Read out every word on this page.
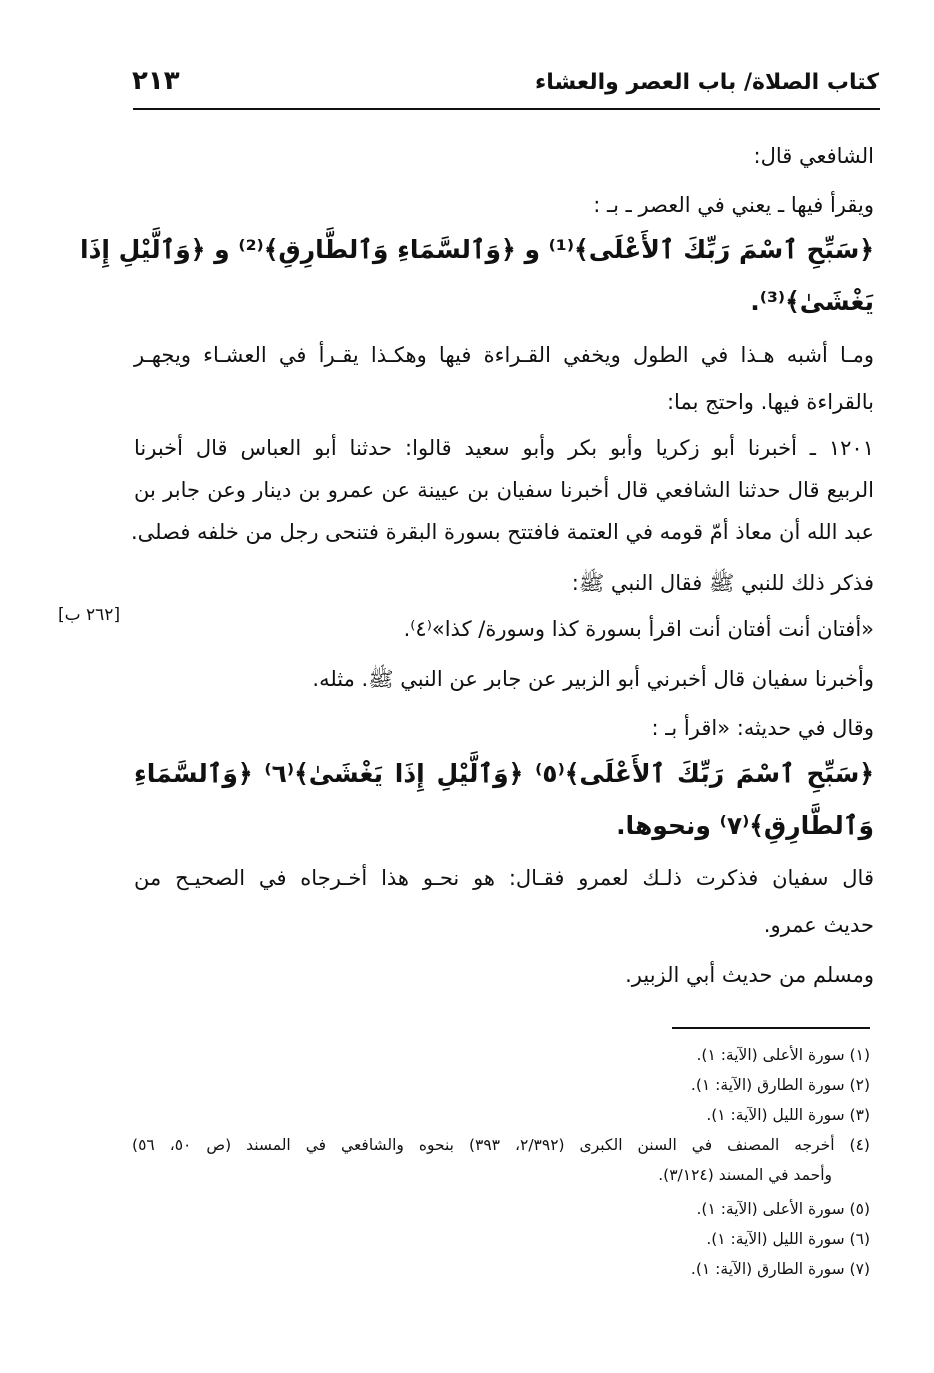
كتاب الصلاة/ باب العصر والعشاء
٢١٣
الشافعي قال:
ويقرأ فيها ـ يعني في العصر ـ بـ :
﴿سَبِّحِ ٱسْمَ رَبِّكَ ٱلأَعْلَى﴾⁽¹⁾ و ﴿وَٱلسَّمَاءِ وَٱلطَّارِقِ﴾⁽²⁾ و ﴿وَٱلَّيْلِ إِذَا
يَغْشَىٰ﴾⁽³⁾.
ومـا أشبه هـذا في الطول ويخفي القـراءة فيها وهكـذا يقـرأ في العشـاء ويجهـر
بالقراءة فيها. واحتج بما:
١٢٠١ ـ أخبرنا أبو زكريا وأبو بكر وأبو سعيد قالوا: حدثنا أبو العباس قال أخبرنا
الربيع قال حدثنا الشافعي قال أخبرنا سفيان بن عيينة عن عمرو بن دينار وعن جابر بن
عبد الله أن معاذ أمّ قومه في العتمة فافتتح بسورة البقرة فتنحى رجل من خلفه فصلى.
فذكر ذلك للنبي ﷺ فقال النبي ﷺ:
«أفتان أنت أفتان أنت اقرأ بسورة كذا وسورة/ كذا»⁽٤⁾.
وأخبرنا سفيان قال أخبرني أبو الزبير عن جابر عن النبي ﷺ. مثله.
وقال في حديثه: «اقرأ بـ :
﴿سَبِّحِ ٱسْمَ رَبِّكَ ٱلأَعْلَى﴾⁽٥⁾ ﴿وَٱلَّيْلِ إِذَا يَغْشَىٰ﴾⁽٦⁾ ﴿وَٱلسَّمَاءِ
وَٱلطَّارِقِ﴾⁽٧⁾ ونحوها.
قال سفيان فذكرت ذلـك لعمرو فقـال: هو نحـو هذا أخـرجاه في الصحيـح من
حديث عمرو.
ومسلم من حديث أبي الزبير.
[٢٦٢ ب]
(١) سورة الأعلى (الآية: ١).
(٢) سورة الطارق (الآية: ١).
(٣) سورة الليل (الآية: ١).
(٤) أخرجه المصنف في السنن الكبرى (٢/٣٩٢، ٣٩٣) بنحوه والشافعي في المسند (ص ٥٠، ٥٦)
وأحمد في المسند (٣/١٢٤).
(٥) سورة الأعلى (الآية: ١).
(٦) سورة الليل (الآية: ١).
(٧) سورة الطارق (الآية: ١).
